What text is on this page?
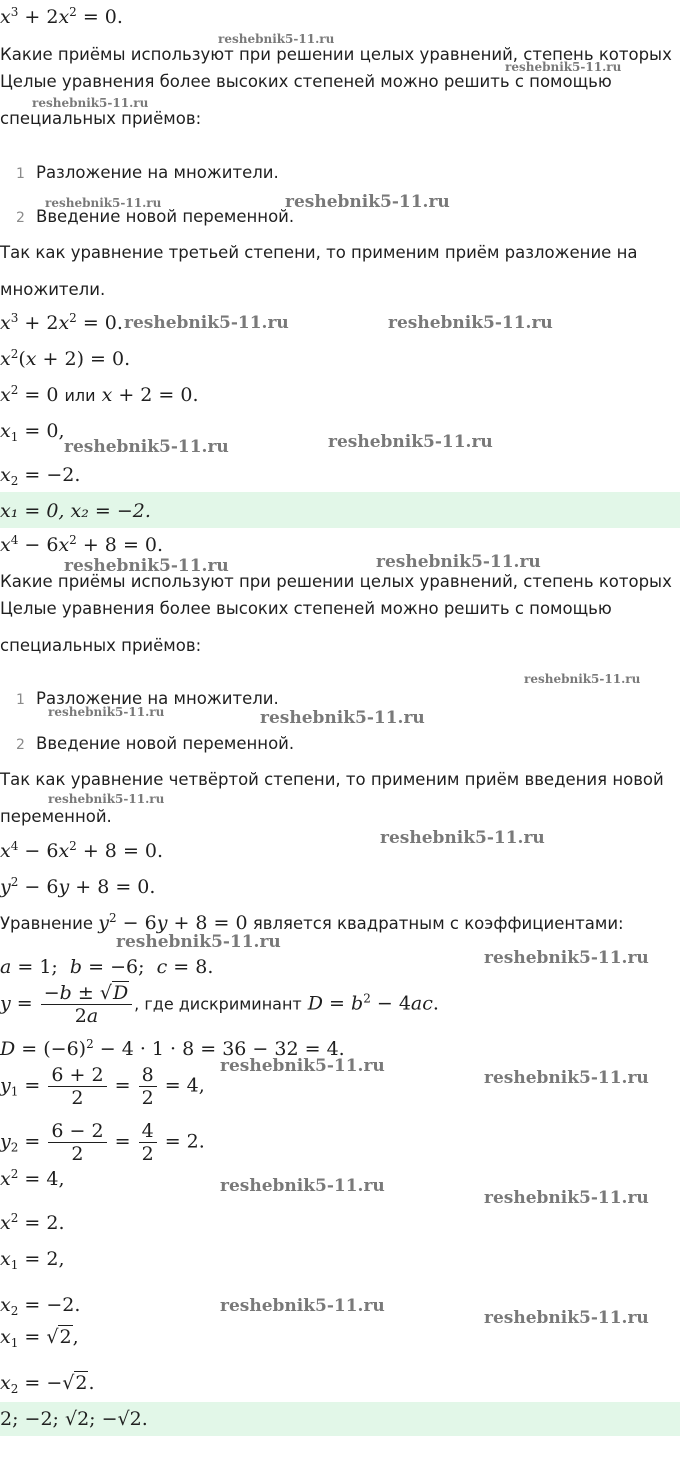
$x^3 + 2x^2 = 0$.
Какие приёмы используют при решении целых уравнений, степень которых
Целые уравнения более высоких степеней можно решить с помощью
специальных приёмов:
1 Разложение на множители.
2 Введение новой переменной.
Так как уравнение третьей степени, то применим приём разложение на
множители.
$x^3 + 2x^2 = 0$.
$x^2(x + 2) = 0$.
$x^2 = 0$ или x + 2 = 0.
$x_1 = 0$,
$x_2 = -2$.
x₁ = 0, x₂ = −2.
$x^4 - 6x^2 + 8 = 0$.
Какие приёмы используют при решении целых уравнений, степень которых
Целые уравнения более высоких степеней можно решить с помощью
специальных приёмов:
1 Разложение на множители.
2 Введение новой переменной.
Так как уравнение четвёртой степени, то применим приём введения новой
переменной.
$x^4 - 6x^2 + 8 = 0$.
$y^2 - 6y + 8 = 0$.
Уравнение $y^2 - 6y + 8 = 0$ является квадратным с коэффициентами:
a = 1;  b = −6;  c = 8.
$y = \frac{-b \pm √D}{2a}$ , где дискриминант $D = b^2 - 4ac$.
$D = (-6)^2 - 4 \cdot 1 \cdot 8 = 36 - 32 = 4$.
$y_1 = \frac{6 + 2}{2} = \frac{8}{2} = 4$,
$y_2 = \frac{6 - 2}{2} = \frac{4}{2} = 2$.
$x^2 = 4$,
$x^2 = 2$.
$x_1 = 2$,
$x_2 = -2$.
$x_1 = √2$,
$x_2 = -√2$.
2; −2; √2; −√2.
reshebnik5-11.ru
reshebnik5-11.ru
reshebnik5-11.ru
reshebnik5-11.ru	reshebnik5-11.ru
reshebnik5-11.ru	reshebnik5-11.ru
reshebnik5-11.ru	reshebnik5-11.ru
reshebnik5-11.ru	reshebnik5-11.ru
reshebnik5-11.ru
reshebnik5-11.ru	reshebnik5-11.ru
reshebnik5-11.ru
reshebnik5-11.ru
reshebnik5-11.ru
reshebnik5-11.ru
reshebnik5-11.ru
reshebnik5-11.ru
reshebnik5-11.ru
reshebnik5-11.ru
reshebnik5-11.ru
reshebnik5-11.ru
